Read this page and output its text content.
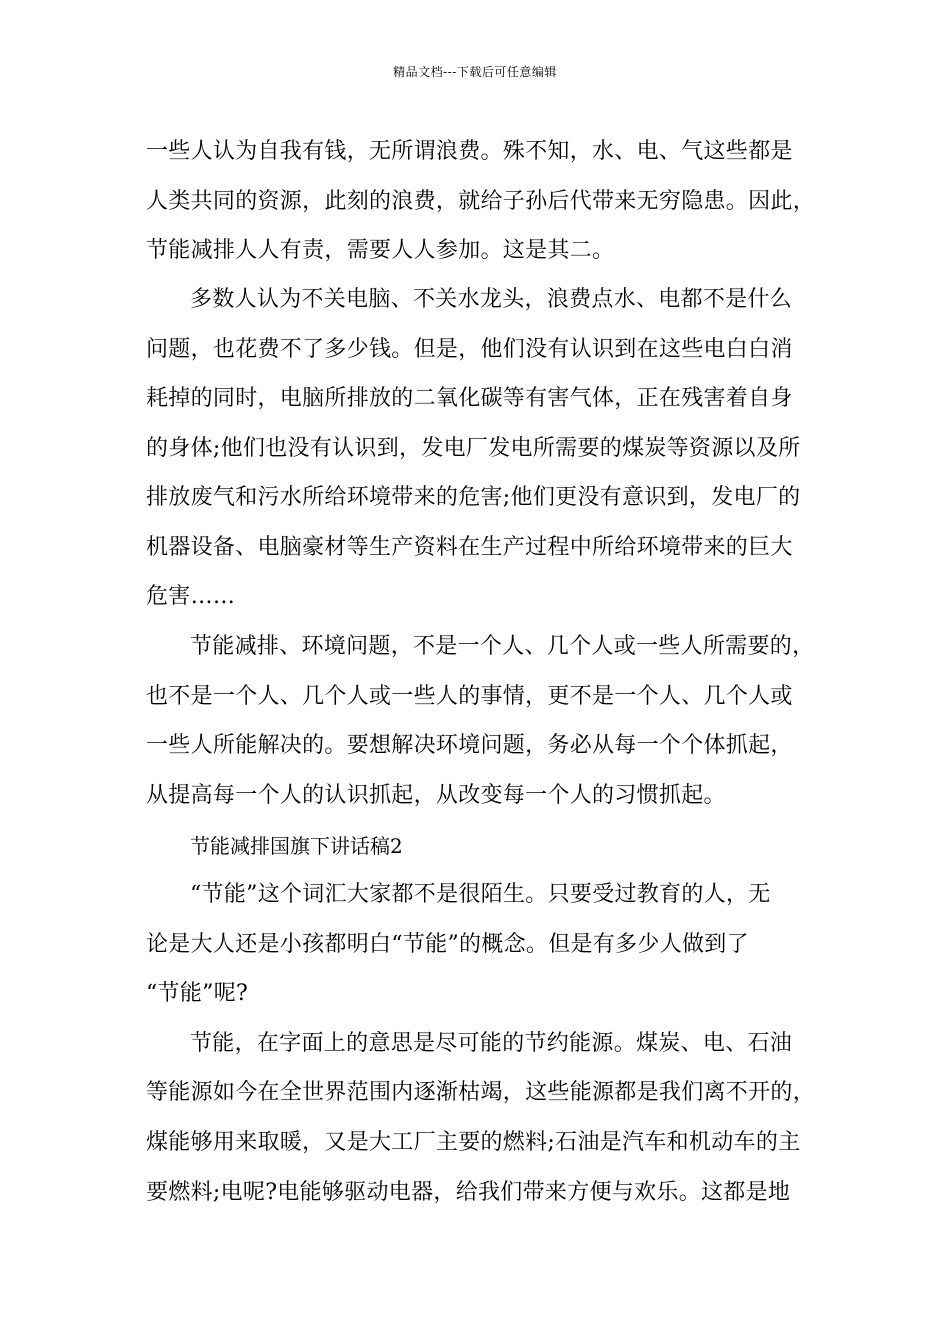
精品文档---下载后可任意编辑
一些人认为自我有钱，无所谓浪费。殊不知，水、电、气这些都是
人类共同的资源，此刻的浪费，就给子孙后代带来无穷隐患。因此，
节能减排人人有责，需要人人参加。这是其二。
多数人认为不关电脑、不关水龙头，浪费点水、电都不是什么
问题，也花费不了多少钱。但是，他们没有认识到在这些电白白消
耗掉的同时，电脑所排放的二氧化碳等有害气体，正在残害着自身
的身体;他们也没有认识到，发电厂发电所需要的煤炭等资源以及所
排放废气和污水所给环境带来的危害;他们更没有意识到，发电厂的
机器设备、电脑豪材等生产资料在生产过程中所给环境带来的巨大
危害……
节能减排、环境问题，不是一个人、几个人或一些人所需要的，
也不是一个人、几个人或一些人的事情，更不是一个人、几个人或
一些人所能解决的。要想解决环境问题，务必从每一个个体抓起，
从提高每一个人的认识抓起，从改变每一个人的习惯抓起。
节能减排国旗下讲话稿2
“节能”这个词汇大家都不是很陌生。只要受过教育的人，无
论是大人还是小孩都明白“节能”的概念。但是有多少人做到了
“节能”呢?
节能，在字面上的意思是尽可能的节约能源。煤炭、电、石油
等能源如今在全世界范围内逐渐枯竭，这些能源都是我们离不开的，
煤能够用来取暖，又是大工厂主要的燃料;石油是汽车和机动车的主
要燃料;电呢?电能够驱动电器，给我们带来方便与欢乐。这都是地
